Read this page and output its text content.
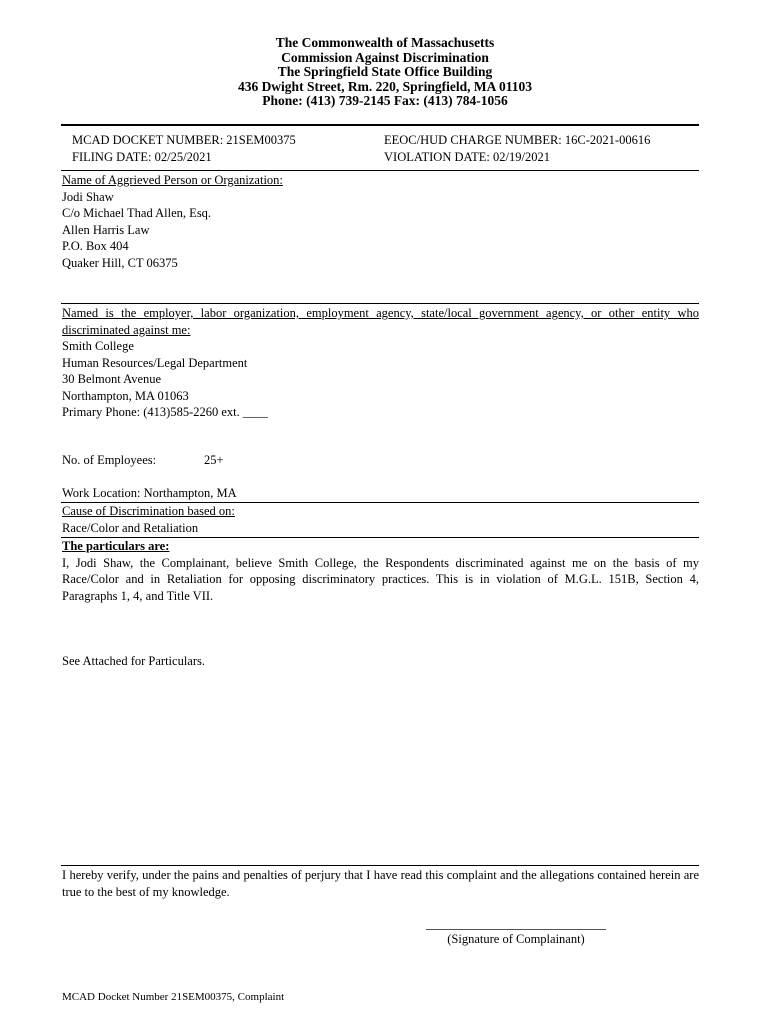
The Commonwealth of Massachusetts
Commission Against Discrimination
The Springfield State Office Building
436 Dwight Street, Rm. 220, Springfield, MA 01103
Phone: (413) 739-2145 Fax: (413) 784-1056
MCAD DOCKET NUMBER: 21SEM00375
FILING DATE: 02/25/2021
EEOC/HUD CHARGE NUMBER: 16C-2021-00616
VIOLATION DATE: 02/19/2021
Name of Aggrieved Person or Organization:
Jodi Shaw
C/o Michael Thad Allen, Esq.
Allen Harris Law
P.O. Box 404
Quaker Hill, CT 06375
Named is the employer, labor organization, employment agency, state/local government agency, or other entity who discriminated against me:
Smith College
Human Resources/Legal Department
30 Belmont Avenue
Northampton, MA 01063
Primary Phone: (413)585-2260 ext. ____
No. of Employees:	25+
Work Location: Northampton, MA
Cause of Discrimination based on:
Race/Color and Retaliation
The particulars are:
I, Jodi Shaw, the Complainant, believe Smith College, the Respondents discriminated against me on the basis of my Race/Color and in Retaliation for opposing discriminatory practices. This is in violation of M.G.L. 151B, Section 4, Paragraphs 1, 4, and Title VII.
See Attached for Particulars.
I hereby verify, under the pains and penalties of perjury that I have read this complaint and the allegations contained herein are true to the best of my knowledge.
(Signature of Complainant)
MCAD Docket Number 21SEM00375, Complaint
